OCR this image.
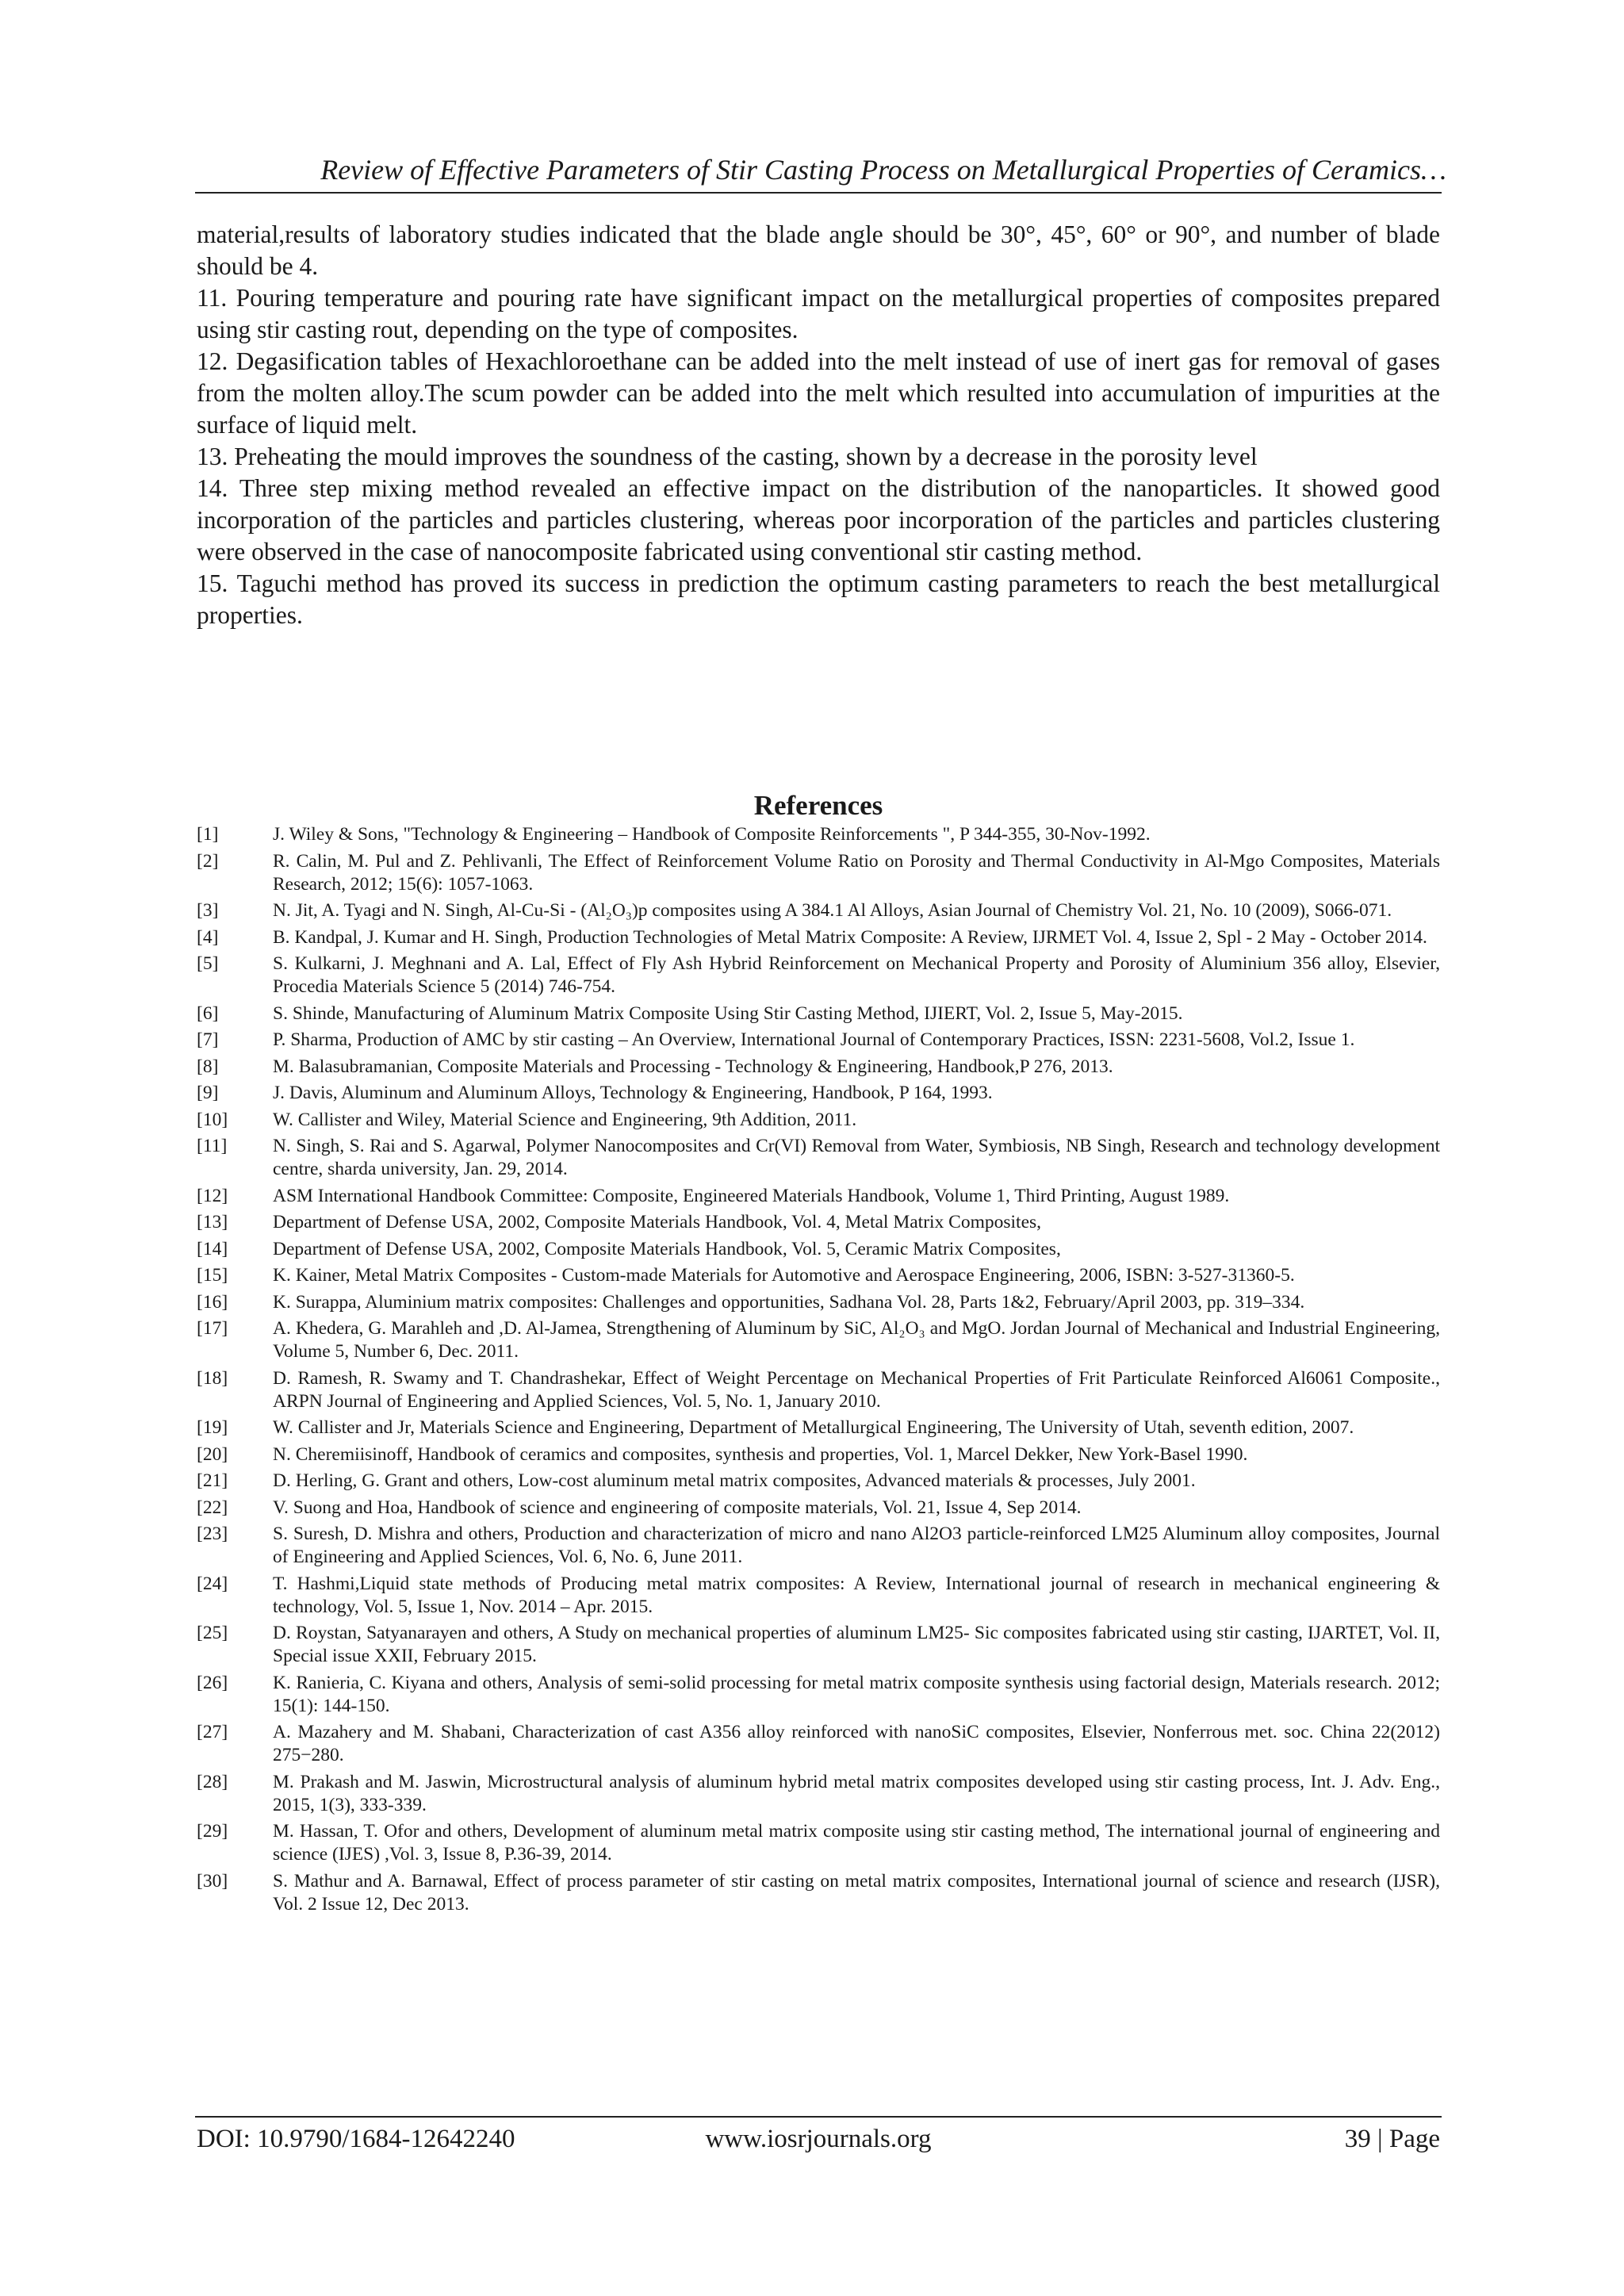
Review of Effective Parameters of Stir Casting Process on Metallurgical Properties of Ceramics…

material,results of laboratory studies indicated that the blade angle should be 30°, 45°, 60° or 90°, and number of blade should be 4.

11. Pouring temperature and pouring rate have significant impact on the metallurgical properties of composites prepared using stir casting rout, depending on the type of composites.

12. Degasification tables of Hexachloroethane can be added into the melt instead of use of inert gas for removal of gases from the molten alloy.The scum powder can be added into the melt which resulted into accumulation of impurities at the surface of liquid melt.

13. Preheating the mould improves the soundness of the casting, shown by a decrease in the porosity level

14. Three step mixing method revealed an effective impact on the distribution of the nanoparticles. It showed good incorporation of the particles and particles clustering, whereas poor incorporation of the particles and particles clustering were observed in the case of nanocomposite fabricated using conventional stir casting method.

15. Taguchi method has proved its success in prediction the optimum casting parameters to reach the best metallurgical properties.

References
[1]	J. Wiley & Sons, "Technology & Engineering – Handbook of Composite Reinforcements ", P 344-355, 30-Nov-1992.
[2]	R. Calin, M. Pul and Z. Pehlivanli, The Effect of Reinforcement Volume Ratio on Porosity and Thermal Conductivity in Al-Mgo Composites, Materials Research, 2012; 15(6): 1057-1063.
[3]	N. Jit, A. Tyagi and N. Singh, Al-Cu-Si - (Al₂O₃)p composites using A 384.1 Al Alloys, Asian Journal of Chemistry Vol. 21, No. 10 (2009), S066-071.
[4]	B. Kandpal, J. Kumar and H. Singh, Production Technologies of Metal Matrix Composite: A Review, IJRMET Vol. 4, Issue 2, Spl - 2 May - October 2014.
[5]	S. Kulkarni, J. Meghnani and A. Lal, Effect of Fly Ash Hybrid Reinforcement on Mechanical Property and Porosity of Aluminium 356 alloy, Elsevier, Procedia Materials Science 5 (2014) 746-754.
[6]	S. Shinde, Manufacturing of Aluminum Matrix Composite Using Stir Casting Method, IJIERT, Vol. 2, Issue 5, May-2015.
[7]	P. Sharma, Production of AMC by stir casting – An Overview, International Journal of Contemporary Practices, ISSN: 2231-5608, Vol.2, Issue 1.
[8]	M. Balasubramanian, Composite Materials and Processing - Technology & Engineering, Handbook,P 276, 2013.
[9]	J. Davis, Aluminum and Aluminum Alloys, Technology & Engineering, Handbook, P 164, 1993.
[10]	W. Callister and Wiley, Material Science and Engineering, 9th Addition, 2011.
[11]	N. Singh, S. Rai and S. Agarwal, Polymer Nanocomposites and Cr(VI) Removal from Water, Symbiosis, NB Singh, Research and technology development centre, sharda university, Jan. 29, 2014.
[12]	ASM International Handbook Committee: Composite, Engineered Materials Handbook, Volume 1, Third Printing, August 1989.
[13]	Department of Defense USA, 2002, Composite Materials Handbook, Vol. 4, Metal Matrix Composites,
[14]	Department of Defense USA, 2002, Composite Materials Handbook, Vol. 5, Ceramic Matrix Composites,
[15]	K. Kainer, Metal Matrix Composites - Custom-made Materials for Automotive and Aerospace Engineering, 2006, ISBN: 3-527-31360-5.
[16]	K. Surappa, Aluminium matrix composites: Challenges and opportunities, Sadhana Vol. 28, Parts 1&2, February/April 2003, pp. 319–334.
[17]	A. Khedera, G. Marahleh and ,D. Al-Jamea, Strengthening of Aluminum by SiC, Al₂O₃ and MgO. Jordan Journal of Mechanical and Industrial Engineering, Volume 5, Number 6, Dec. 2011.
[18]	D. Ramesh, R. Swamy and T. Chandrashekar, Effect of Weight Percentage on Mechanical Properties of Frit Particulate Reinforced Al6061 Composite., ARPN Journal of Engineering and Applied Sciences, Vol. 5, No. 1, January 2010.
[19]	W. Callister and Jr, Materials Science and Engineering, Department of Metallurgical Engineering, The University of Utah, seventh edition, 2007.
[20]	N. Cheremiisinoff, Handbook of ceramics and composites, synthesis and properties, Vol. 1, Marcel Dekker, New York-Basel 1990.
[21]	D. Herling, G. Grant and others, Low-cost aluminum metal matrix composites, Advanced materials & processes, July 2001.
[22]	V. Suong and Hoa, Handbook of science and engineering of composite materials, Vol. 21, Issue 4, Sep 2014.
[23]	S. Suresh, D. Mishra and others, Production and characterization of micro and nano Al2O3 particle-reinforced LM25 Aluminum alloy composites, Journal of Engineering and Applied Sciences, Vol. 6, No. 6, June 2011.
[24]	T. Hashmi,Liquid state methods of Producing metal matrix composites: A Review, International journal of research in mechanical engineering & technology, Vol. 5, Issue 1, Nov. 2014 – Apr. 2015.
[25]	D. Roystan, Satyanarayen and others, A Study on mechanical properties of aluminum LM25- Sic composites fabricated using stir casting, IJARTET, Vol. II, Special issue XXII, February 2015.
[26]	K. Ranieria, C. Kiyana and others, Analysis of semi-solid processing for metal matrix composite synthesis using factorial design, Materials research. 2012; 15(1): 144-150.
[27]	A. Mazahery and M. Shabani, Characterization of cast A356 alloy reinforced with nanoSiC composites, Elsevier, Nonferrous met. soc. China 22(2012) 275−280.
[28]	M. Prakash and M. Jaswin, Microstructural analysis of aluminum hybrid metal matrix composites developed using stir casting process, Int. J. Adv. Eng., 2015, 1(3), 333-339.
[29]	M. Hassan, T. Ofor and others, Development of aluminum metal matrix composite using stir casting method, The international journal of engineering and science (IJES) ,Vol. 3, Issue 8, P.36-39, 2014.
[30]	S. Mathur and A. Barnawal, Effect of process parameter of stir casting on metal matrix composites, International journal of science and research (IJSR), Vol. 2 Issue 12, Dec 2013.
DOI: 10.9790/1684-12642240	www.iosrjournals.org	39 | Page
